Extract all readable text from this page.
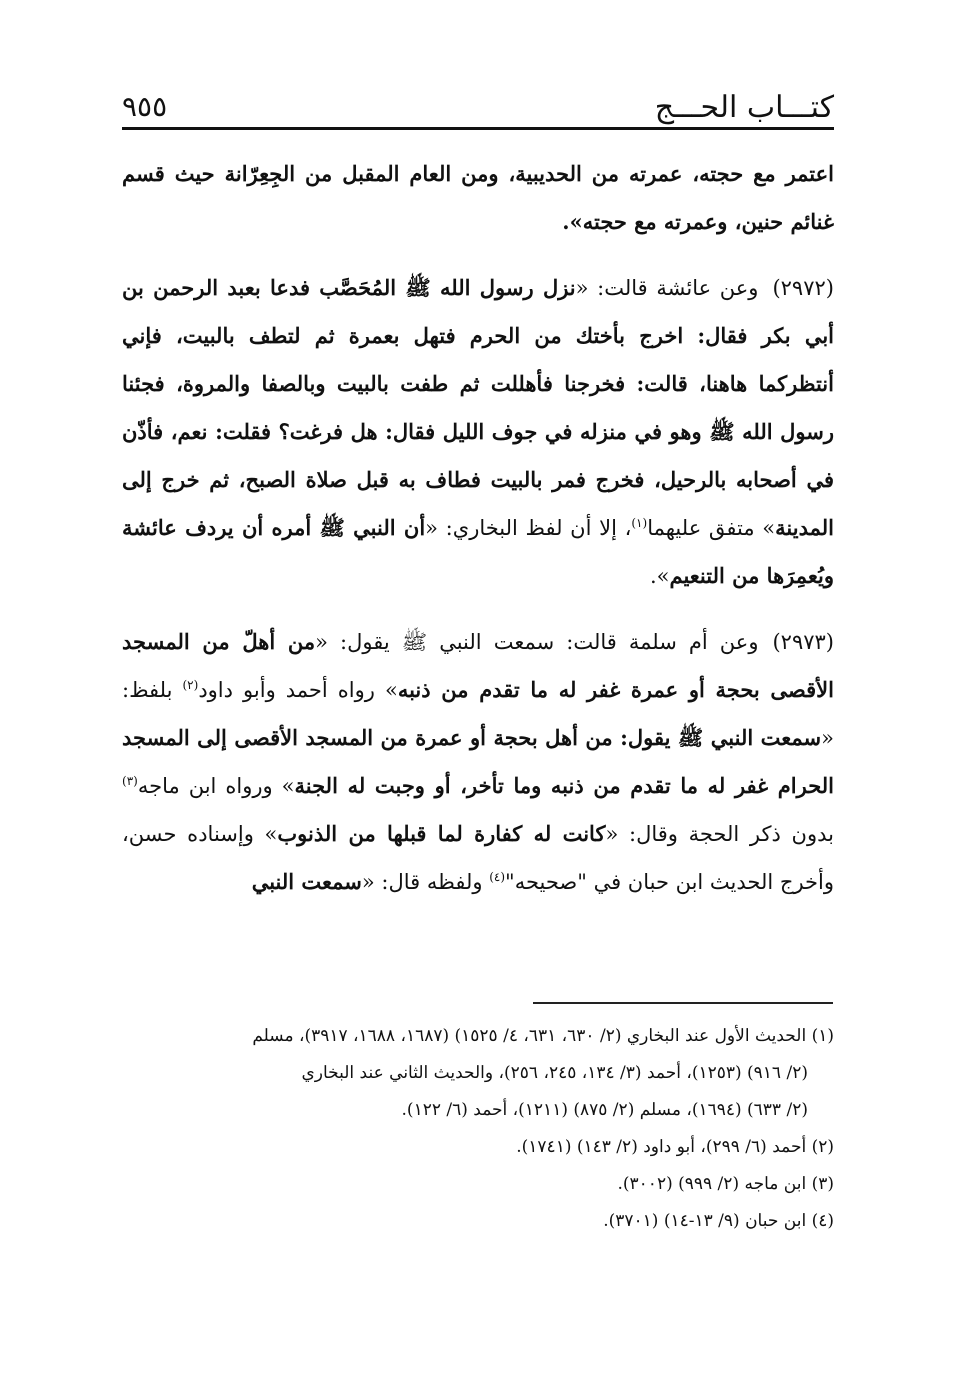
كتـــاب الحـــج
٩٥٥

اعتمر مع حجته، عمرته من الحديبية، ومن العام المقبل من الجِعِرّانة حيث قسم غنائم حنين، وعمرته مع حجته».

(٢٩٧٢)وعن عائشة قالت: «نزل رسول الله ﷺ المُحَصَّب فدعا بعبد الرحمن بن أبي بكر فقال: اخرج بأختك من الحرم فتهل بعمرة ثم لتطف بالبيت، فإني أنتظركما هاهنا، قالت: فخرجنا فأهللت ثم طفت بالبيت وبالصفا والمروة، فجئنا رسول الله ﷺ وهو في منزله في جوف الليل فقال: هل فرغت؟ فقلت: نعم، فأذّن في أصحابه بالرحيل، فخرج فمر بالبيت فطاف به قبل صلاة الصبح، ثم خرج إلى المدينة» متفق عليهما$^{(١)}$، إلا أن لفظ البخاري: «أن النبي ﷺ أمره أن يردف عائشة ويُعمِرَها من التنعيم».

(٢٩٧٣)وعن أم سلمة قالت: سمعت النبي ﷺ يقول: «من أهلّ من المسجد الأقصى بحجة أو عمرة غفر له ما تقدم من ذنبه» رواه أحمد وأبو داود$^{(٢)}$ بلفظ: «سمعت النبي ﷺ يقول: من أهل بحجة أو عمرة من المسجد الأقصى إلى المسجد الحرام غفر له ما تقدم من ذنبه وما تأخر، أو وجبت له الجنة» ورواه ابن ماجه$^{(٣)}$ بدون ذكر الحجة وقال: «كانت له كفارة لما قبلها من الذنوب» وإسناده حسن، وأخرج الحديث ابن حبان في "صحيحه"$^{(٤)}$ ولفظه قال: «سمعت النبي

(١) الحديث الأول عند البخاري (٢/ ٦٣٠، ٦٣١، ٤/ ١٥٢٥) (١٦٨٧، ١٦٨٨، ٣٩١٧)، مسلم

(٢/ ٩١٦) (١٢٥٣)، أحمد (٣/ ١٣٤، ٢٤٥، ٢٥٦)، والحديث الثاني عند البخاري

(٢/ ٦٣٣) (١٦٩٤)، مسلم (٢/ ٨٧٥) (١٢١١)، أحمد (٦/ ١٢٢).

(٢) أحمد (٦/ ٢٩٩)، أبو داود (٢/ ١٤٣) (١٧٤١).

(٣) ابن ماجه (٢/ ٩٩٩) (٣٠٠٢).

(٤) ابن حبان (٩/ ١٣-١٤) (٣٧٠١).
